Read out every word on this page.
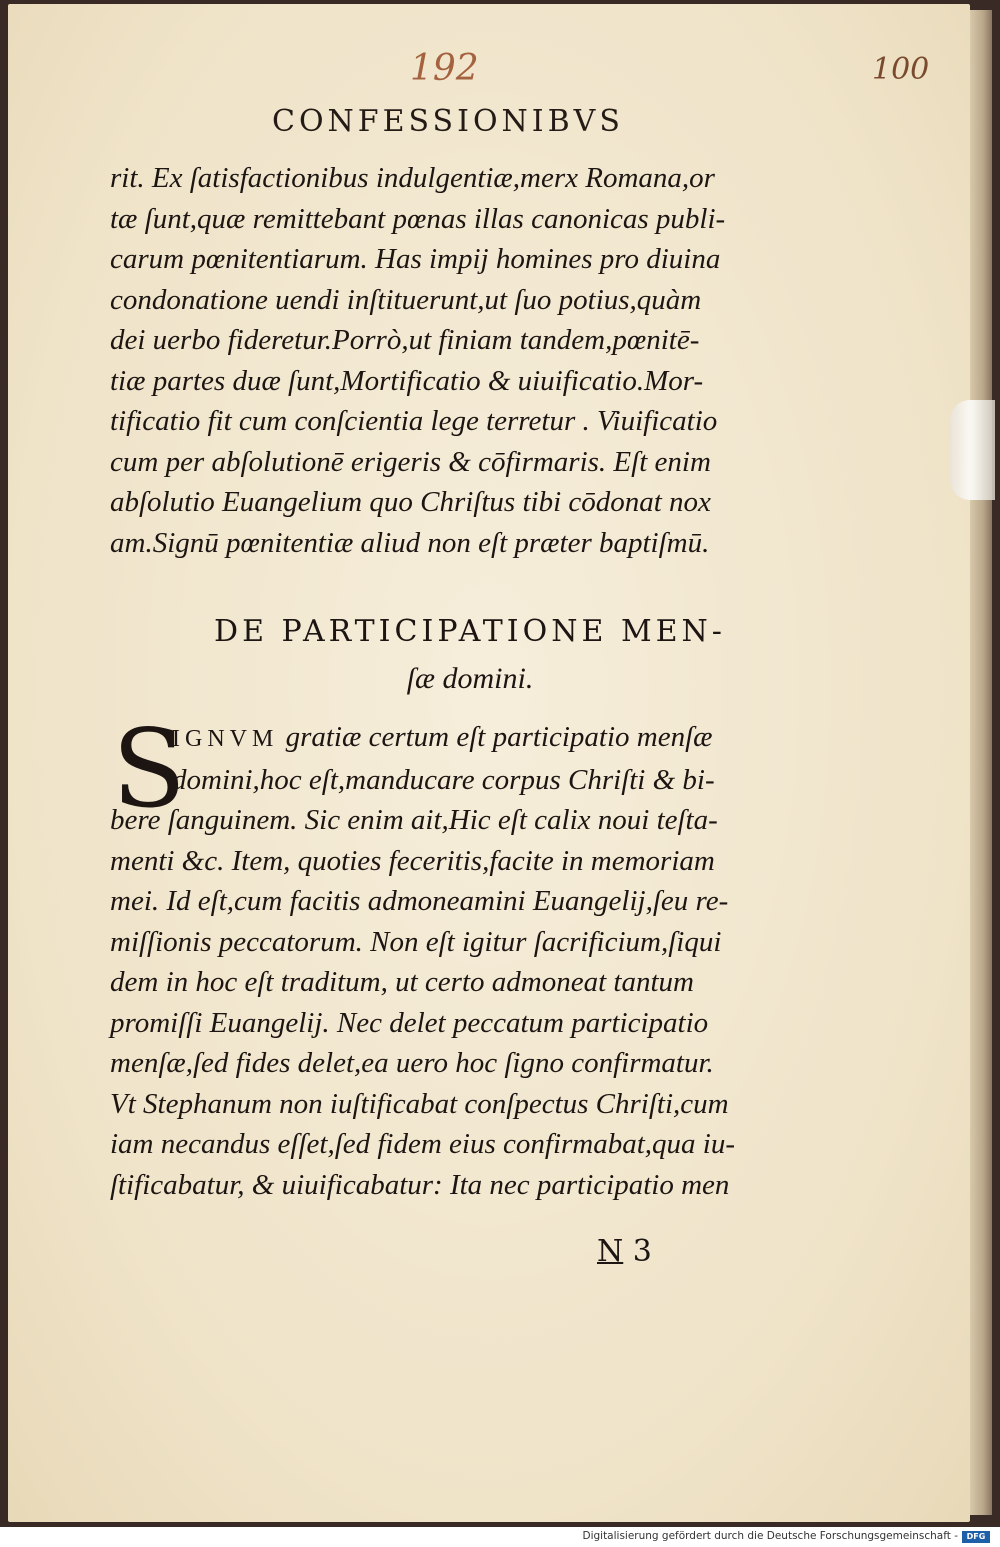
192	100
CONFESSIONIBVS
rit. Ex ſatisfactionibus indulgentiæ,merx Romana,or
tæ ſunt,quæ remittebant pœnas illas canonicas publi-
carum pœnitentiarum. Has impij homines pro diuina
condonatione uendi inſtituerunt,ut ſuo potius,quàm
dei uerbo fideretur.Porrò,ut finiam tandem,pœnitē-
tiæ partes duæ ſunt,Mortificatio & uiuificatio.Mor-
tificatio fit cum conſcientia lege terretur . Viuificatio
cum per abſolutionē erigeris & cōfirmaris. Eſt enim
abſolutio Euangelium quo Chriſtus tibi cōdonat nox
am.Signū pœnitentiæ aliud non eſt præter baptiſmū.
DE PARTICIPATIONE MEN-
ſæ domini.
S
IGNVM gratiæ certum eſt participatio menſæ
domini,hoc eſt,manducare corpus Chriſti & bi-
bere ſanguinem. Sic enim ait,Hic eſt calix noui teſta-
menti &c. Item, quoties feceritis,facite in memoriam
mei. Id eſt,cum facitis admoneamini Euangelij,ſeu re-
miſſionis peccatorum. Non eſt igitur ſacrificium,ſiqui
dem in hoc eſt traditum, ut certo admoneat tantum
promiſſi Euangelij. Nec delet peccatum participatio
menſæ,ſed fides delet,ea uero hoc ſigno confirmatur.
Vt Stephanum non iuſtificabat conſpectus Chriſti,cum
iam necandus eſſet,ſed fidem eius confirmabat,qua iu-
ſtificabatur, & uiuificabatur: Ita nec participatio men
N 3
Digitalisierung gefördert durch die Deutsche Forschungsgemeinschaft -	DFG
